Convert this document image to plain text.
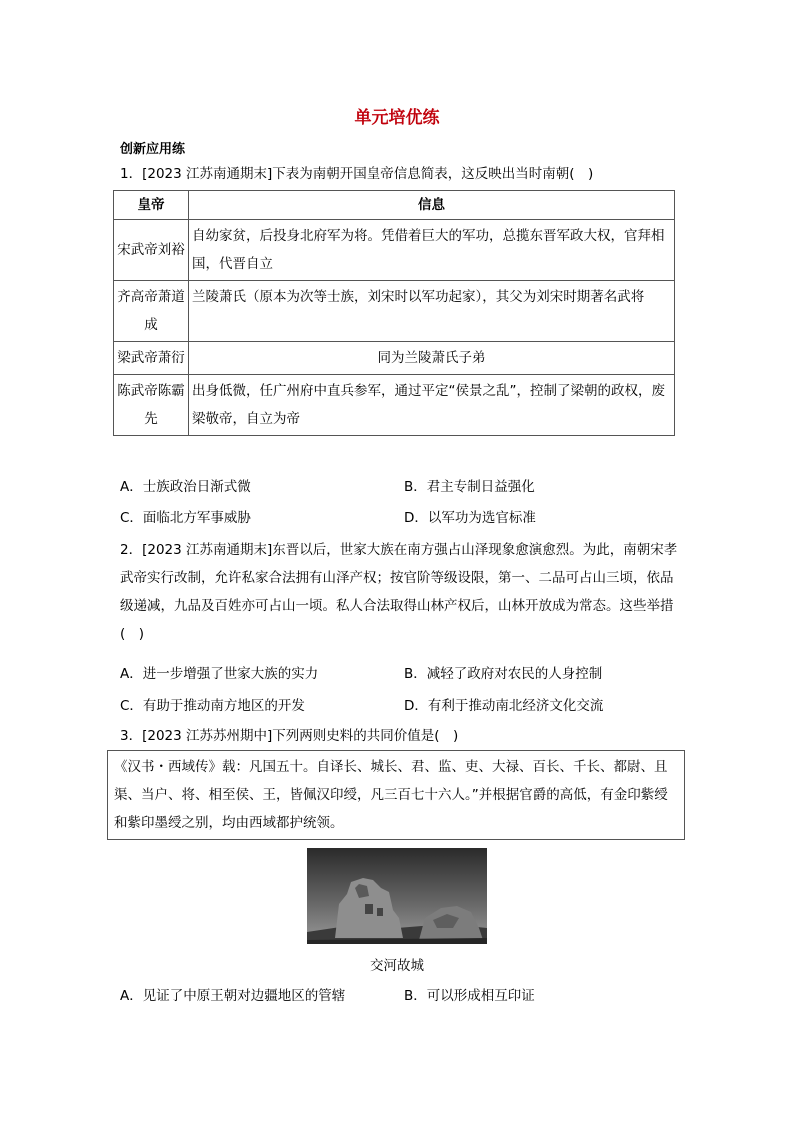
单元培优练
创新应用练
1．[2023 江苏南通期末]下表为南朝开国皇帝信息简表，这反映出当时南朝(　)
皇帝	信息
宋武帝刘裕	自幼家贫，后投身北府军为将。凭借着巨大的军功，总揽东晋军政大权，官拜相国，代晋自立
齐高帝萧道成	兰陵萧氏（原本为次等士族，刘宋时以军功起家），其父为刘宋时期著名武将
梁武帝萧衍	同为兰陵萧氏子弟
陈武帝陈霸先	出身低微，任广州府中直兵参军，通过平定“侯景之乱”，控制了梁朝的政权，废梁敬帝，自立为帝
A．士族政治日渐式微	B．君主专制日益强化
C．面临北方军事威胁	D．以军功为选官标准
2．[2023 江苏南通期末]东晋以后，世家大族在南方强占山泽现象愈演愈烈。为此，南朝宋孝武帝实行改制，允许私家合法拥有山泽产权；按官阶等级设限，第一、二品可占山三顷，依品级递减，九品及百姓亦可占山一顷。私人合法取得山林产权后，山林开放成为常态。这些举措(　)
A．进一步增强了世家大族的实力	B．减轻了政府对农民的人身控制
C．有助于推动南方地区的开发	D．有利于推动南北经济文化交流
3．[2023 江苏苏州期中]下列两则史料的共同价值是(　)
《汉书・西域传》载：凡国五十。自译长、城长、君、监、吏、大禄、百长、千长、都尉、且渠、当户、将、相至侯、王，皆佩汉印绶，凡三百七十六人。”并根据官爵的高低，有金印紫绶和紫印墨绶之别，均由西域都护统领。
交河故城
A．见证了中原王朝对边疆地区的管辖	B．可以形成相互印证
